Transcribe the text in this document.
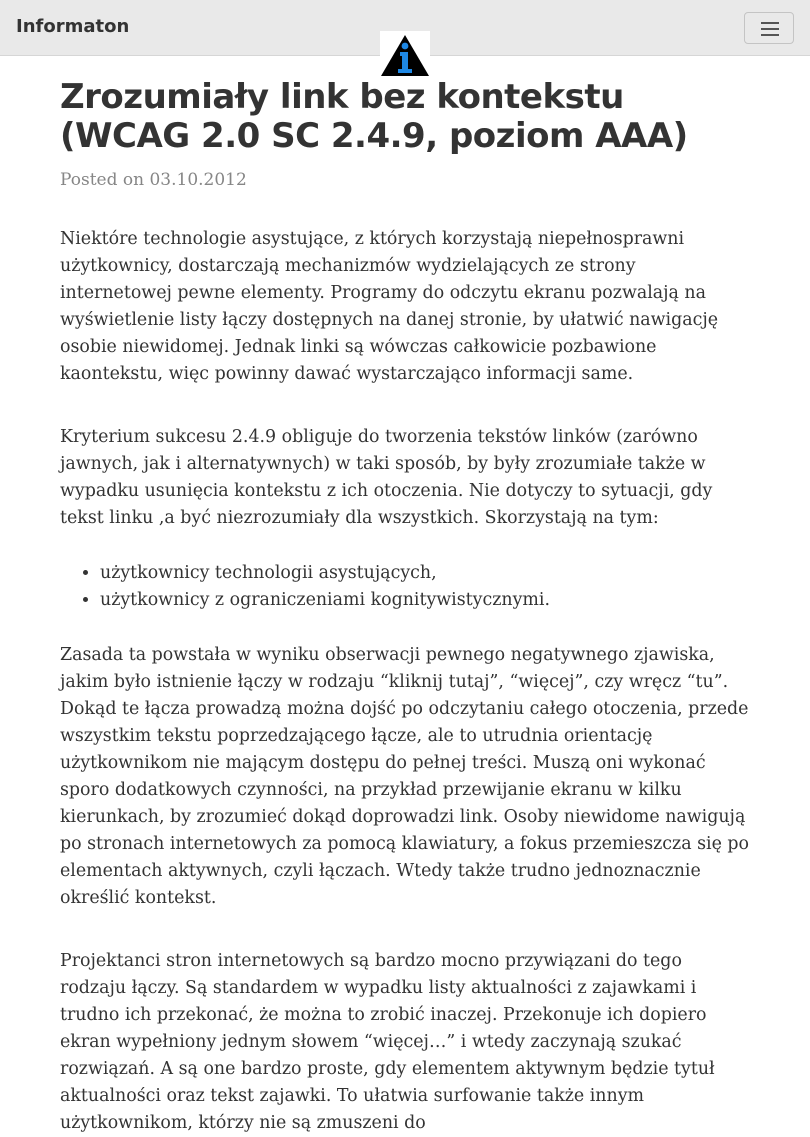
Informaton
Zrozumiały link bez kontekstu (WCAG 2.0 SC 2.4.9, poziom AAA)
Posted on 03.10.2012

Niektóre technologie asystujące, z których korzystają niepełnosprawni użytkownicy, dostarczają mechanizmów wydzielających ze strony internetowej pewne elementy. Programy do odczytu ekranu pozwalają na wyświetlenie listy łączy dostępnych na danej stronie, by ułatwić nawigację osobie niewidomej. Jednak linki są wówczas całkowicie pozbawione kaontekstu, więc powinny dawać wystarczająco informacji same.

Kryterium sukcesu 2.4.9 obliguje do tworzenia tekstów linków (zarówno jawnych, jak i alternatywnych) w taki sposób, by były zrozumiałe także w wypadku usunięcia kontekstu z ich otoczenia. Nie dotyczy to sytuacji, gdy tekst linku ,a być niezrozumiały dla wszystkich. Skorzystają na tym:

• użytkownicy technologii asystujących,
• użytkownicy z ograniczeniami kognitywistycznymi.

Zasada ta powstała w wyniku obserwacji pewnego negatywnego zjawiska, jakim było istnienie łączy w rodzaju “kliknij tutaj”, “więcej”, czy wręcz “tu”. Dokąd te łącza prowadzą można dojść po odczytaniu całego otoczenia, przede wszystkim tekstu poprzedzającego łącze, ale to utrudnia orientację użytkownikom nie mającym dostępu do pełnej treści. Muszą oni wykonać sporo dodatkowych czynności, na przykład przewijanie ekranu w kilku kierunkach, by zrozumieć dokąd doprowadzi link. Osoby niewidome nawigują po stronach internetowych za pomocą klawiatury, a fokus przemieszcza się po elementach aktywnych, czyli łączach. Wtedy także trudno jednoznacznie określić kontekst.

Projektanci stron internetowych są bardzo mocno przywiązani do tego rodzaju łączy. Są standardem w wypadku listy aktualności z zajawkami i trudno ich przekonać, że można to zrobić inaczej. Przekonuje ich dopiero ekran wypełniony jednym słowem “więcej…” i wtedy zaczynają szukać rozwiązań. A są one bardzo proste, gdy elementem aktywnym będzie tytuł aktualności oraz tekst zajawki. To ułatwia surfowanie także innym użytkownikom, którzy nie są zmuszeni do
